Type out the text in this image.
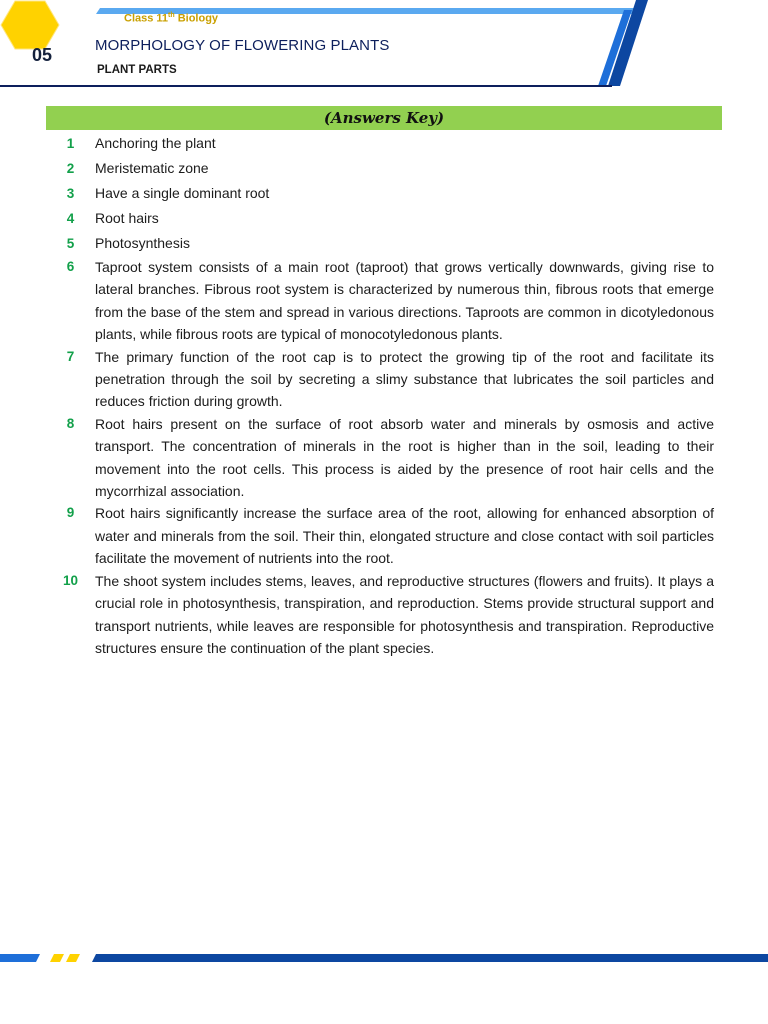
05
Class 11th Biology
MORPHOLOGY OF FLOWERING PLANTS
PLANT PARTS
(Answers Key)
1	Anchoring the plant
2	Meristematic zone
3	Have a single dominant root
4	Root hairs
5	Photosynthesis
6	Taproot system consists of a main root (taproot) that grows vertically downwards, giving rise to lateral branches. Fibrous root system is characterized by numerous thin, fibrous roots that emerge from the base of the stem and spread in various directions. Taproots are common in dicotyledonous plants, while fibrous roots are typical of monocotyledonous plants.
7	The primary function of the root cap is to protect the growing tip of the root and facilitate its penetration through the soil by secreting a slimy substance that lubricates the soil particles and reduces friction during growth.
8	Root hairs present on the surface of root absorb water and minerals by osmosis and active transport. The concentration of minerals in the root is higher than in the soil, leading to their movement into the root cells. This process is aided by the presence of root hair cells and the mycorrhizal association.
9	Root hairs significantly increase the surface area of the root, allowing for enhanced absorption of water and minerals from the soil. Their thin, elongated structure and close contact with soil particles facilitate the movement of nutrients into the root.
10	The shoot system includes stems, leaves, and reproductive structures (flowers and fruits). It plays a crucial role in photosynthesis, transpiration, and reproduction. Stems provide structural support and transport nutrients, while leaves are responsible for photosynthesis and transpiration. Reproductive structures ensure the continuation of the plant species.
